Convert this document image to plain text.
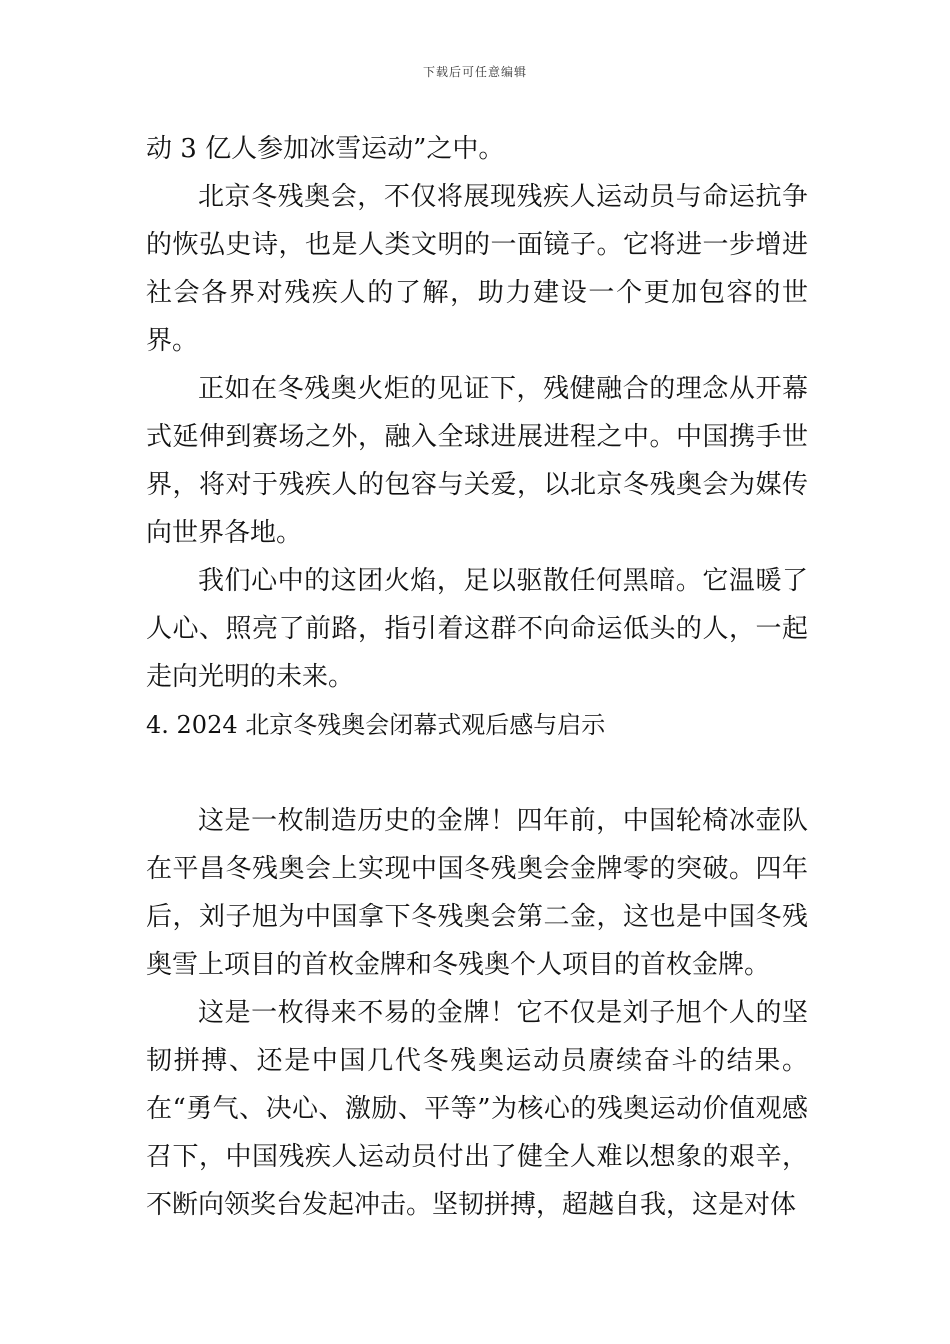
下载后可任意编辑

动 3 亿人参加冰雪运动”之中。

北京冬残奥会，不仅将展现残疾人运动员与命运抗争的恢弘史诗，也是人类文明的一面镜子。它将进一步增进社会各界对残疾人的了解，助力建设一个更加包容的世界。

正如在冬残奥火炬的见证下，残健融合的理念从开幕式延伸到赛场之外，融入全球进展进程之中。中国携手世界，将对于残疾人的包容与关爱，以北京冬残奥会为媒传向世界各地。

我们心中的这团火焰，足以驱散任何黑暗。它温暖了人心、照亮了前路，指引着这群不向命运低头的人，一起走向光明的未来。

4. 2024 北京冬残奥会闭幕式观后感与启示

这是一枚制造历史的金牌！四年前，中国轮椅冰壶队在平昌冬残奥会上实现中国冬残奥会金牌零的突破。四年后，刘子旭为中国拿下冬残奥会第二金，这也是中国冬残奥雪上项目的首枚金牌和冬残奥个人项目的首枚金牌。

这是一枚得来不易的金牌！它不仅是刘子旭个人的坚韧拼搏、还是中国几代冬残奥运动员赓续奋斗的结果。在“勇气、决心、激励、平等”为核心的残奥运动价值观感召下，中国残疾人运动员付出了健全人难以想象的艰辛，不断向领奖台发起冲击。坚韧拼搏，超越自我，这是对体
